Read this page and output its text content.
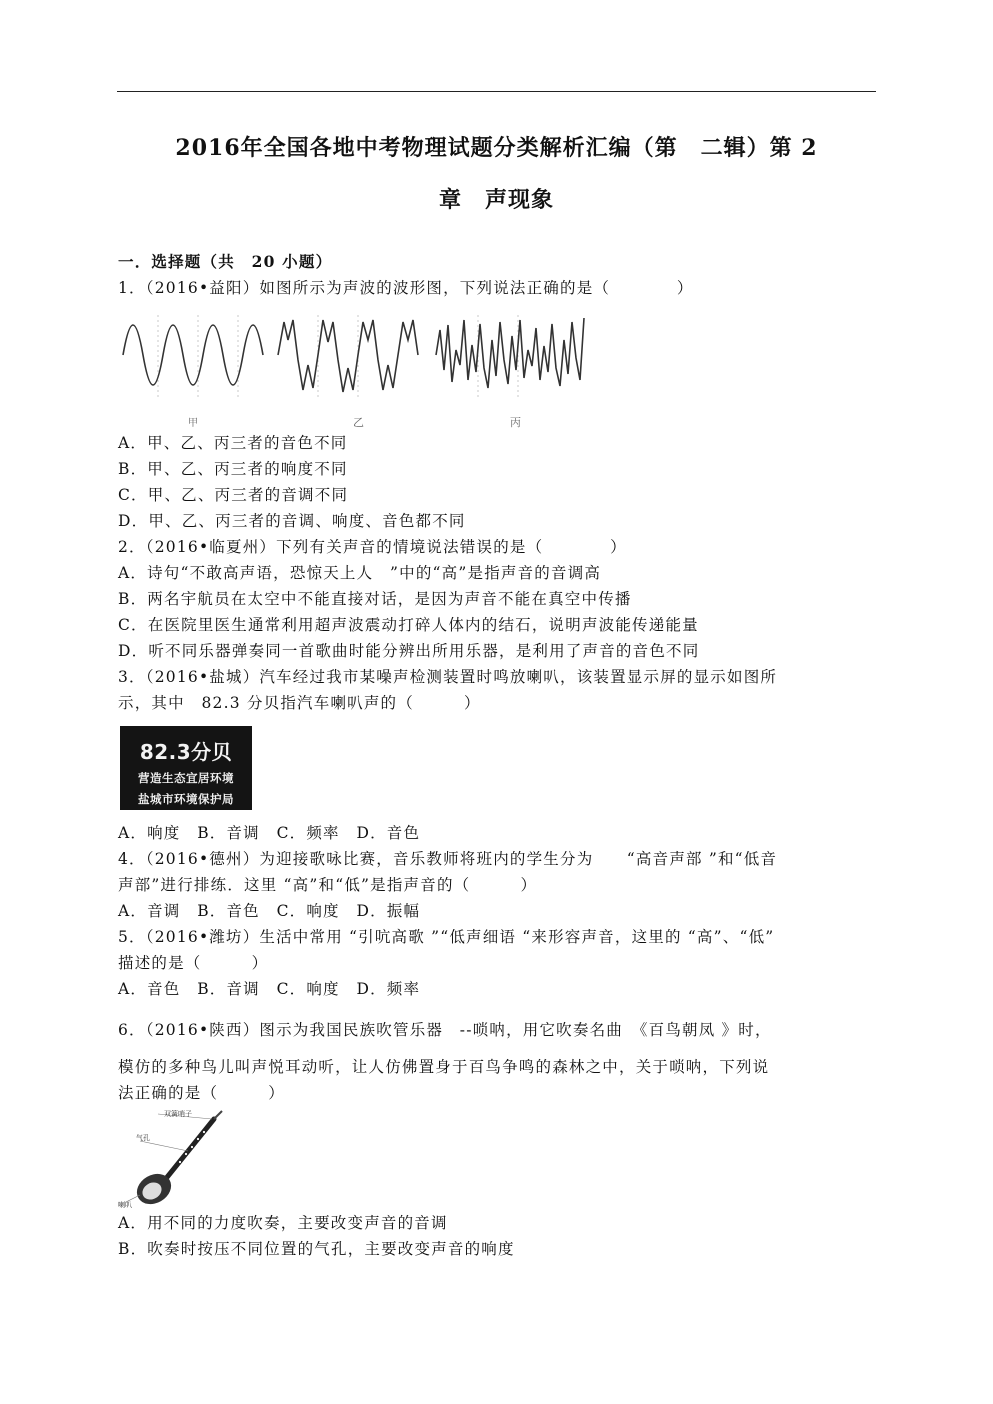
2016年全国各地中考物理试题分类解析汇编（第　二辑）第 2
章　声现象
一．选择题（共　20 小题）
1．（2016•益阳）如图所示为声波的波形图，下列说法正确的是（　　　　）
甲	乙	丙
A．甲、乙、丙三者的音色不同
B．甲、乙、丙三者的响度不同
C．甲、乙、丙三者的音调不同
D．甲、乙、丙三者的音调、响度、音色都不同
2．（2016•临夏州）下列有关声音的情境说法错误的是（　　　　）
A．诗句“不敢高声语，恐惊天上人　”中的“高”是指声音的音调高
B．两名宇航员在太空中不能直接对话，是因为声音不能在真空中传播
C．在医院里医生通常利用超声波震动打碎人体内的结石，说明声波能传递能量
D．听不同乐器弹奏同一首歌曲时能分辨出所用乐器，是利用了声音的音色不同
3．（2016•盐城）汽车经过我市某噪声检测装置时鸣放喇叭，该装置显示屏的显示如图所
示，其中　82.3 分贝指汽车喇叭声的（　　　）
82.3分贝
营造生态宜居环境
盐城市环境保护局
A．响度　B．音调　C．频率　D．音色
4．（2016•德州）为迎接歌咏比赛，音乐教师将班内的学生分为　　“高音声部 ”和“低音
声部”进行排练．这里 “高”和“低”是指声音的（　　　）
A．音调　B．音色　C．响度　D．振幅
5．（2016•潍坊）生活中常用 “引吭高歌 ”“低声细语 “来形容声音，这里的 “高”、“低”
描述的是（　　　）
A．音色　B．音调　C．响度　D．频率
6．（2016•陕西）图示为我国民族吹管乐器　--唢呐，用它吹奏名曲　《百鸟朝凤 》时，
模仿的多种鸟儿叫声悦耳动听，让人仿佛置身于百鸟争鸣的森林之中，关于唢呐，下列说
法正确的是（　　　）
双簧哨子
气孔
喇叭
A．用不同的力度吹奏，主要改变声音的音调
B．吹奏时按压不同位置的气孔，主要改变声音的响度
